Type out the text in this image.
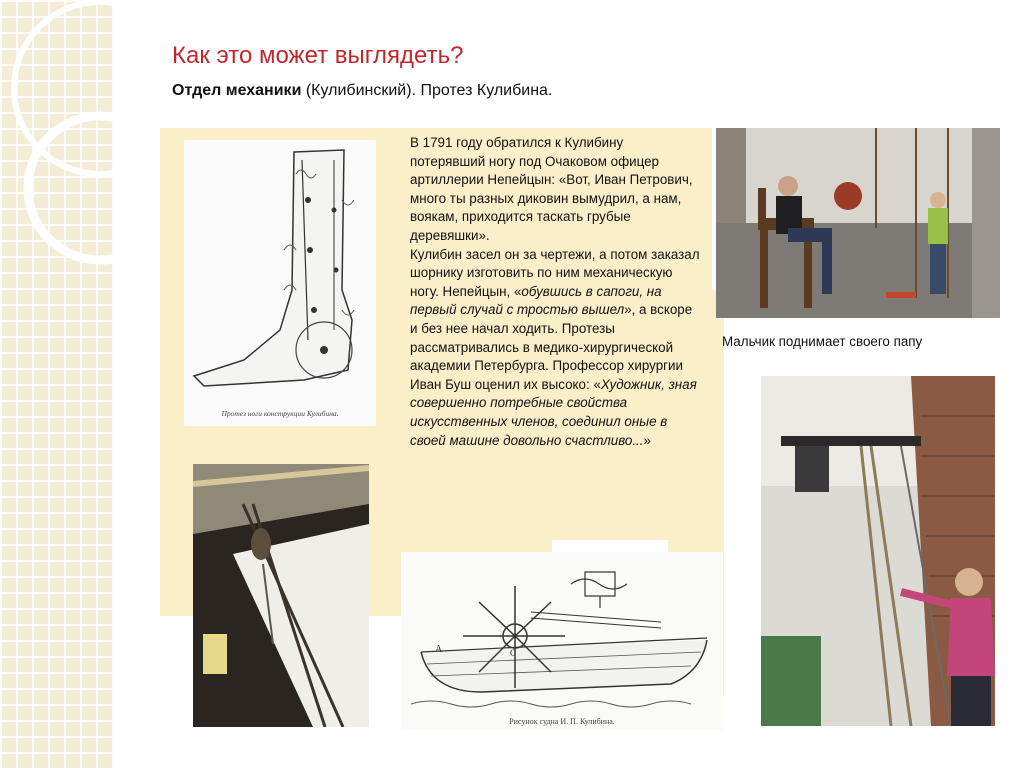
Как это может выглядеть?
Отдел механики (Кулибинский). Протез Кулибина.
Протез ноги конструкции Кулибина.

В 1791 году обратился к Кулибину потерявший ногу под Очаковом офицер артиллерии Непейцын: «Вот, Иван Петрович, много ты разных диковин вымудрил, а нам, воякам, приходится таскать грубые деревяшки».

Кулибин засел он за чертежи, а потом заказал шорнику изготовить по ним механическую ногу. Непейцын, «обувшись в сапоги, на первый случай с тростью вышел», а вскоре и без нее начал ходить. Протезы рассматривались в медико-хирургической академии Петербурга. Профессор хирургии Иван Буш оценил их высоко: «Художник, зная совершенно потребные свойства искусственных членов, соединил оные в своей машине довольно счастливо...»

Мальчик поднимает своего папу
А	С
Рисунок судна И. П. Кулибина.
